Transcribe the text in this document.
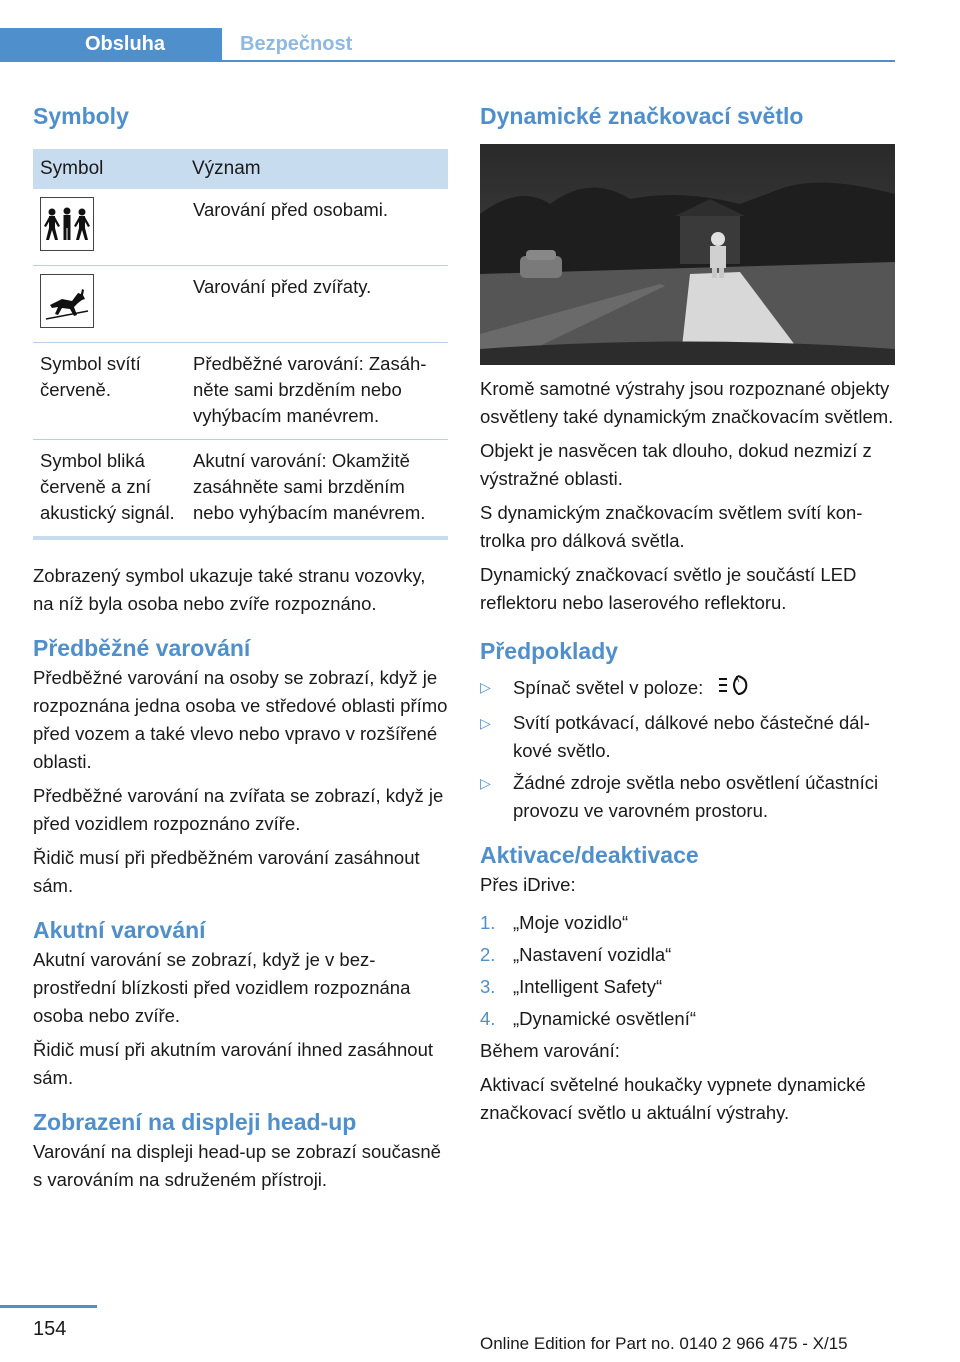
Obsluha	Bezpečnost
Symboly
Symbol	Význam

	Varování před osobami.

	Varování před zvířaty.
Symbol svítí červeně.	Předběžné varování: Zasáhněte sami brzděním nebo vyhýbacím manévrem.
Symbol bliká červeně a zní akustický signál.	Akutní varování: Okamžitě zasáhněte sami brzděním nebo vyhýbacím manévrem.

Zobrazený symbol ukazuje také stranu vozovky, na níž byla osoba nebo zvíře rozpoznáno.

Předběžné varování

Předběžné varování na osoby se zobrazí, když je rozpoznána jedna osoba ve středové oblasti přímo před vozem a také vlevo nebo vpravo v rozšířené oblasti.

Předběžné varování na zvířata se zobrazí, když je před vozidlem rozpoznáno zvíře.

Řidič musí při předběžném varování zasáhnout sám.

Akutní varování

Akutní varování se zobrazí, když je v bezprostřední blízkosti před vozidlem rozpoznána osoba nebo zvíře.

Řidič musí při akutním varování ihned zasáhnout sám.

Zobrazení na displeji head-up

Varování na displeji head-up se zobrazí současně s varováním na sdruženém přístroji.

Dynamické značkovací světlo

Kromě samotné výstrahy jsou rozpoznané objekty osvětleny také dynamickým značkovacím světlem.

Objekt je nasvěcen tak dlouho, dokud nezmizí z výstražné oblasti.

S dynamickým značkovacím světlem svítí kontrolka pro dálková světla.

Dynamický značkovací světlo je součástí LED reflektoru nebo laserového reflektoru.

Předpoklady
▷ Spínač světel v poloze:	A
▷ Svítí potkávací, dálkové nebo částečné dálkové světlo.
▷ Žádné zdroje světla nebo osvětlení účastníci provozu ve varovném prostoru.
Aktivace/deaktivace

Přes iDrive:

1. „Moje vozidlo“
2. „Nastavení vozidla“
3. „Intelligent Safety“
4. „Dynamické osvětlení“

Během varování:

Aktivací světelné houkačky vypnete dynamické značkovací světlo u aktuální výstrahy.

154
Online Edition for Part no. 0140 2 966 475 - X/15
